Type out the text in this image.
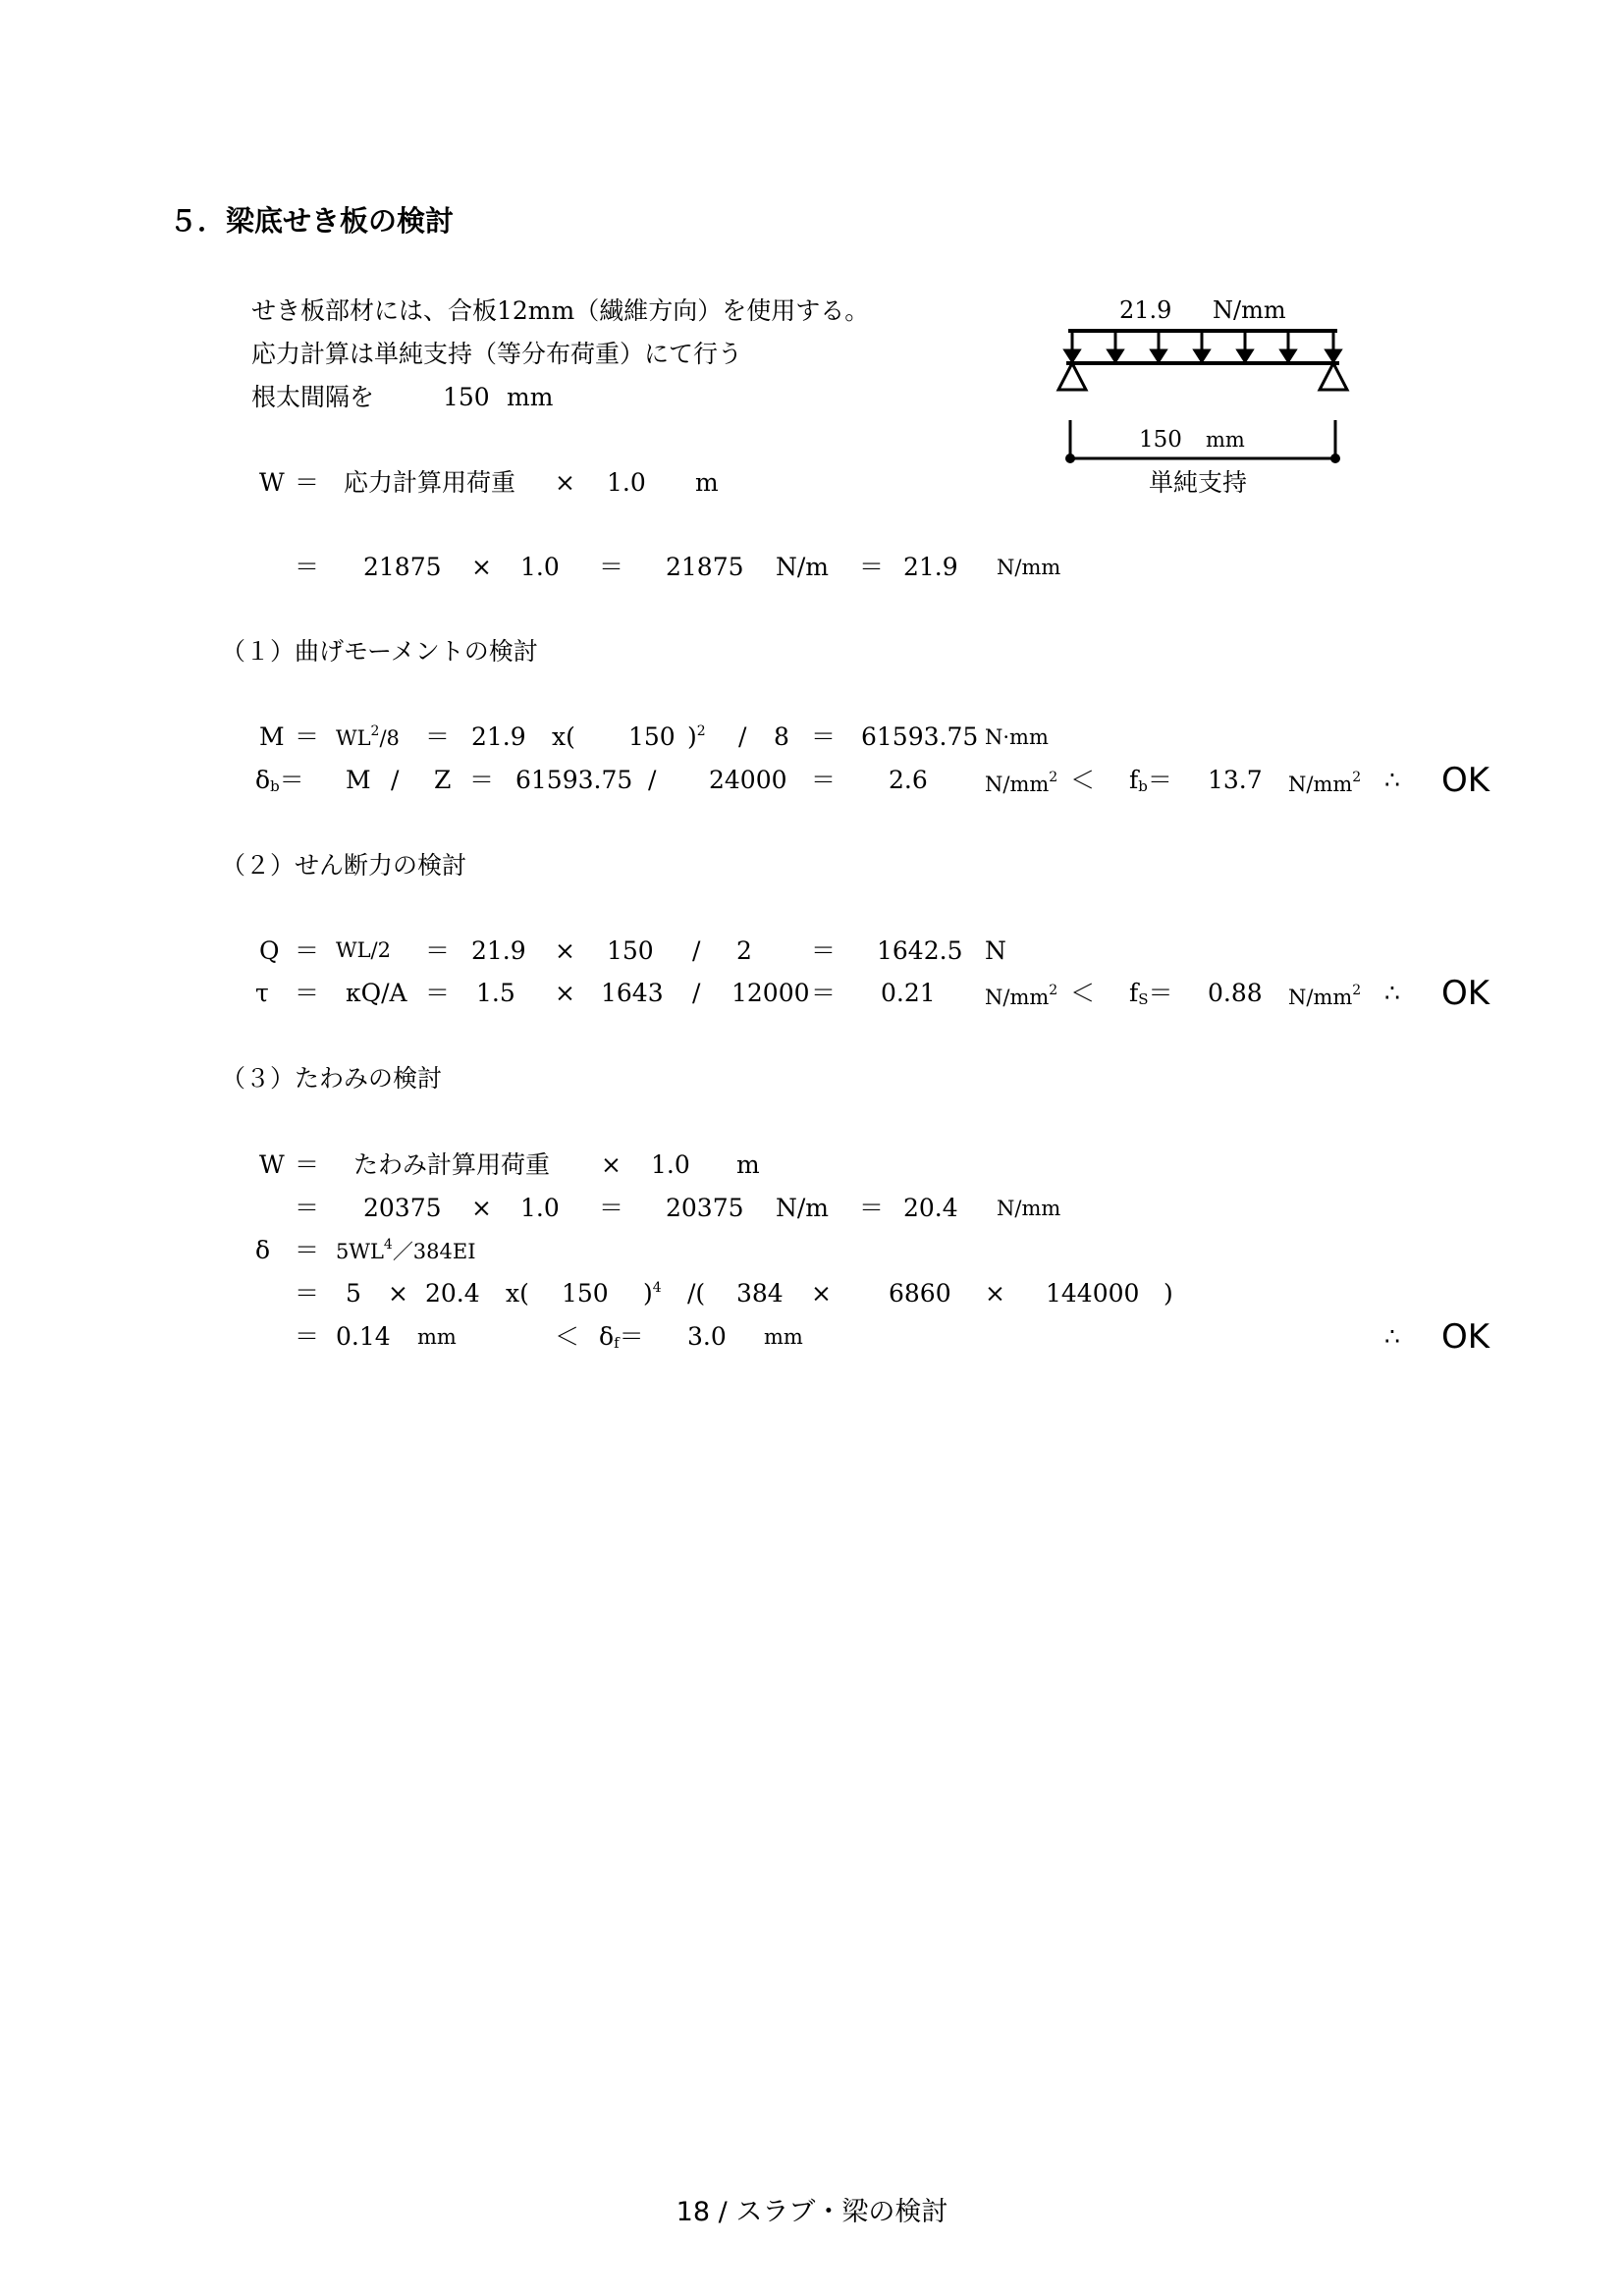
５．梁底せき板の検討
せき板部材には、合板12mm（繊維方向）を使用する。
応力計算は単純支持（等分布荷重）にて行う
根太間隔を	150 mm
21.9 N/mm
150 mm
単純支持
W ＝ 応力計算用荷重 × 1.0 m
＝ 21875 × 1.0 ＝ 21875 N/m ＝ 21.9 N/mm
（１）曲げモーメントの検討
$M = WL^2/8 = 21.9$ x( 150 )$^2$ / 8 ＝ 61593.75 N·mm
δb＝ M / Z ＝ 61593.75 / 24000 ＝ 2.6	$N/mm^2 < fb= 13.7$ $N/mm^2$ ∴ OK
（２）せん断力の検討
Q ＝ WL/2 ＝ 21.9 × 150 / 2 ＝ 1642.5 N
τ ＝ κQ/A ＝ 1.5 × 1643 / 12000 ＝ 0.21 $N/mm^2 < fS= 0.88$ $N/mm^2$ ∴ OK
（３）たわみの検討
W ＝ たわみ計算用荷重 × 1.0 m
＝ 20375 × 1.0 ＝ 20375 N/m ＝ 20.4 N/mm
$\delta = 5WL^4/384EI$
＝ 5 × 20.4 x( 150 )$^4$ /( 384 × 6860 × 144000 )
＝ 0.14 mm	＜ δf＝ 3.0 mm	∴ OK
18 / スラブ・梁の検討
